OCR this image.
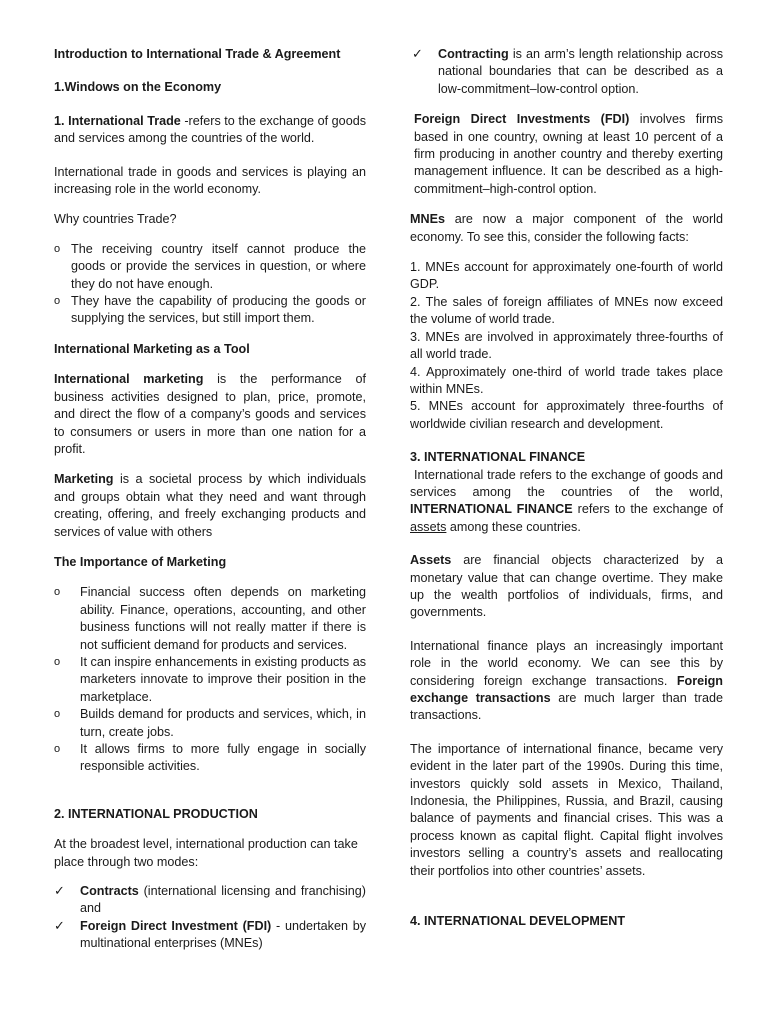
Introduction to International Trade & Agreement

1.Windows on the Economy

1. International Trade -refers to the exchange of goods and services among the countries of the world.

International trade in goods and services is playing an increasing role in the world economy.

Why countries Trade?

o The receiving country itself cannot produce the goods or provide the services in question, or where they do not have enough.
o They have the capability of producing the goods or supplying the services, but still import them.

International Marketing as a Tool

International marketing is the performance of business activities designed to plan, price, promote, and direct the flow of a company’s goods and services to consumers or users in more than one nation for a profit.

Marketing is a societal process by which individuals and groups obtain what they need and want through creating, offering, and freely exchanging products and services of value with others

The Importance of Marketing

o Financial success often depends on marketing ability. Finance, operations, accounting, and other business functions will not really matter if there is not sufficient demand for products and services.
o It can inspire enhancements in existing products as marketers innovate to improve their position in the marketplace.
o Builds demand for products and services, which, in turn, create jobs.
o It allows firms to more fully engage in socially responsible activities.

2. INTERNATIONAL PRODUCTION

At the broadest level, international production can take place through two modes:

✓ Contracts (international licensing and franchising) and
✓ Foreign Direct Investment (FDI) - undertaken by multinational enterprises (MNEs)
✓ Contracting is an arm’s length relationship across national boundaries that can be described as a low-commitment–low-control option.

Foreign Direct Investments (FDI) involves firms based in one country, owning at least 10 percent of a firm producing in another country and thereby exerting management influence. It can be described as a high-commitment–high-control option.

MNEs are now a major component of the world economy. To see this, consider the following facts:

1. MNEs account for approximately one-fourth of world GDP.
2. The sales of foreign affiliates of MNEs now exceed the volume of world trade.
3. MNEs are involved in approximately three-fourths of all world trade.
4. Approximately one-third of world trade takes place within MNEs.
5. MNEs account for approximately three-fourths of worldwide civilian research and development.

3. INTERNATIONAL FINANCE

International trade refers to the exchange of goods and services among the countries of the world, INTERNATIONAL FINANCE refers to the exchange of assets among these countries.

Assets are financial objects characterized by a monetary value that can change overtime. They make up the wealth portfolios of individuals, firms, and governments.

International finance plays an increasingly important role in the world economy. We can see this by considering foreign exchange transactions. Foreign exchange transactions are much larger than trade transactions.

The importance of international finance, became very evident in the later part of the 1990s. During this time, investors quickly sold assets in Mexico, Thailand, Indonesia, the Philippines, Russia, and Brazil, causing balance of payments and financial crises. This was a process known as capital flight. Capital flight involves investors selling a country’s assets and reallocating their portfolios into other countries’ assets.

4. INTERNATIONAL DEVELOPMENT
